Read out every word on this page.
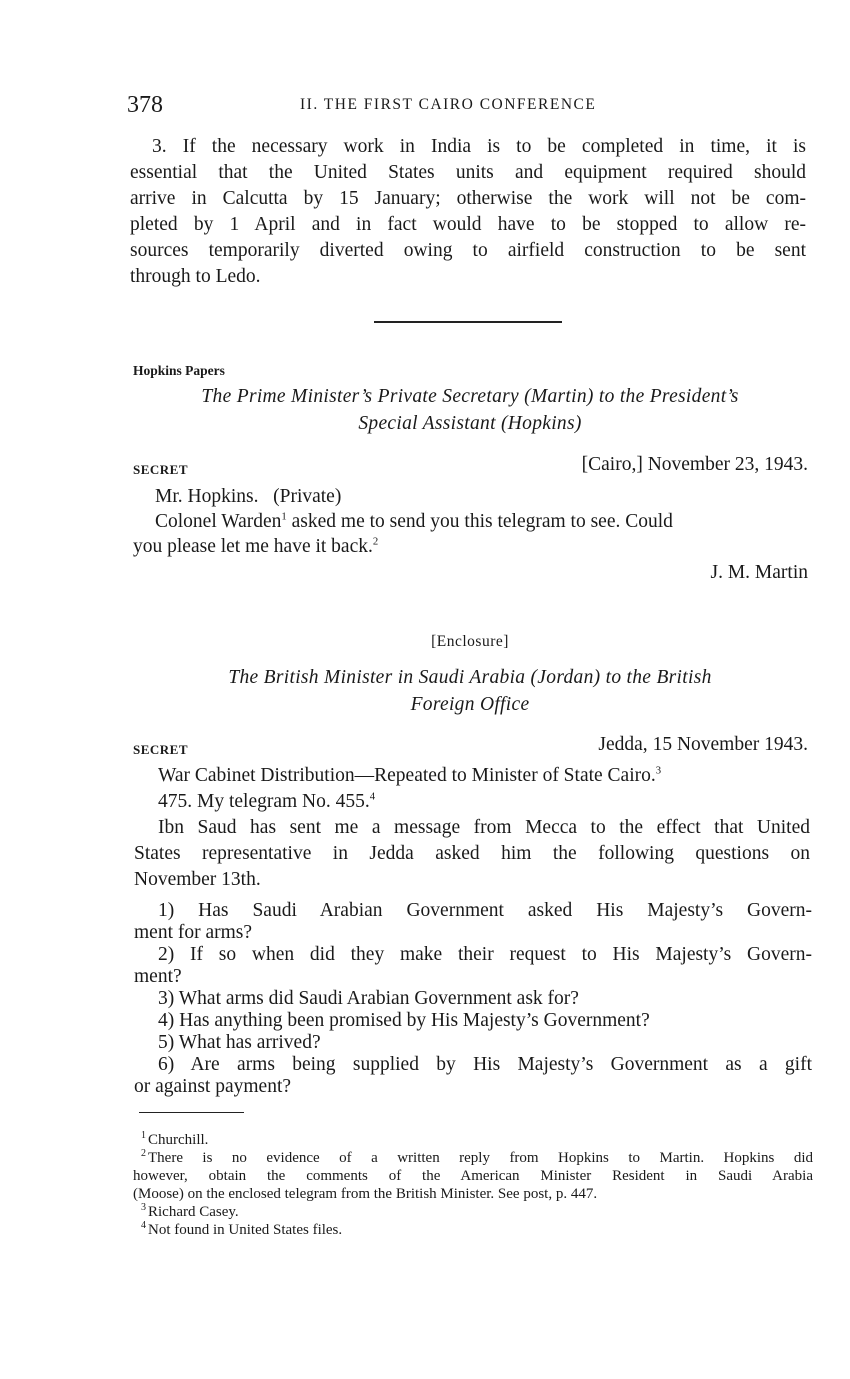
378	II. THE FIRST CAIRO CONFERENCE
3. If the necessary work in India is to be completed in time, it is
essential that the United States units and equipment required should
arrive in Calcutta by 15 January; otherwise the work will not be com-
pleted by 1 April and in fact would have to be stopped to allow re-
sources temporarily diverted owing to airfield construction to be sent
through to Ledo.
Hopkins Papers
The Prime Minister’s Private Secretary (Martin) to the President’s
Special Assistant (Hopkins)
SECRET	[Cairo,] November 23, 1943.
Mr. Hopkins. (Private)
Colonel Warden$^1$ asked me to send you this telegram to see. Could
you please let me have it back.$^2$
J. M. Martin
[Enclosure]
The British Minister in Saudi Arabia (Jordan) to the British
Foreign Office
SECRET	Jedda, 15 November 1943.
War Cabinet Distribution—Repeated to Minister of State Cairo.$^3$
475. My telegram No. 455.$^4$
Ibn Saud has sent me a message from Mecca to the effect that United
States representative in Jedda asked him the following questions on
November 13th.
1) Has Saudi Arabian Government asked His Majesty’s Govern-
ment for arms?
2) If so when did they make their request to His Majesty’s Govern-
ment?
3) What arms did Saudi Arabian Government ask for?
4) Has anything been promised by His Majesty’s Government?
5) What has arrived?
6) Are arms being supplied by His Majesty’s Government as a gift
or against payment?
$^1$ Churchill.
$^2$ There is no evidence of a written reply from Hopkins to Martin. Hopkins did
however, obtain the comments of the American Minister Resident in Saudi Arabia
(Moose) on the enclosed telegram from the British Minister. See post, p. 447.
$^3$ Richard Casey.
$^4$ Not found in United States files.
